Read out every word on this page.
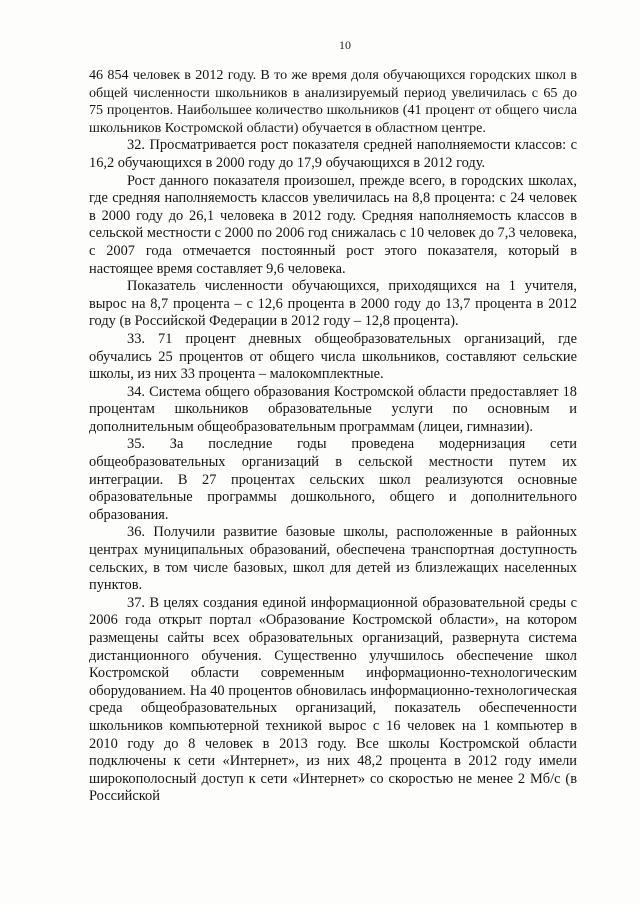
10

46 854 человек в 2012 году. В то же время доля обучающихся городских школ в общей численности школьников в анализируемый период увеличилась с 65 до 75 процентов. Наибольшее количество школьников (41 процент от общего числа школьников Костромской области) обучается в областном центре.

32. Просматривается рост показателя средней наполняемости классов: с 16,2 обучающихся в 2000 году до 17,9 обучающихся в 2012 году.

Рост данного показателя произошел, прежде всего, в городских школах, где средняя наполняемость классов увеличилась на 8,8 процента: с 24 человек в 2000 году до 26,1 человека в 2012 году. Средняя наполняемость классов в сельской местности с 2000 по 2006 год снижалась с 10 человек до 7,3 человека, с 2007 года отмечается постоянный рост этого показателя, который в настоящее время составляет 9,6 человека.

Показатель численности обучающихся, приходящихся на 1 учителя, вырос на 8,7 процента – с 12,6 процента в 2000 году до 13,7 процента в 2012 году (в Российской Федерации в 2012 году – 12,8 процента).

33. 71 процент дневных общеобразовательных организаций, где обучались 25 процентов от общего числа школьников, составляют сельские школы, из них 33 процента – малокомплектные.

34. Система общего образования Костромской области предоставляет 18 процентам школьников образовательные услуги по основным и дополнительным общеобразовательным программам (лицеи, гимназии).

35. За последние годы проведена модернизация сети общеобразовательных организаций в сельской местности путем их интеграции. В 27 процентах сельских школ реализуются основные образовательные программы дошкольного, общего и дополнительного образования.

36. Получили развитие базовые школы, расположенные в районных центрах муниципальных образований, обеспечена транспортная доступность сельских, в том числе базовых, школ для детей из близлежащих населенных пунктов.

37. В целях создания единой информационной образовательной среды с 2006 года открыт портал «Образование Костромской области», на котором размещены сайты всех образовательных организаций, развернута система дистанционного обучения. Существенно улучшилось обеспечение школ Костромской области современным информационно-технологическим оборудованием. На 40 процентов обновилась информационно-технологическая среда общеобразовательных организаций, показатель обеспеченности школьников компьютерной техникой вырос с 16 человек на 1 компьютер в 2010 году до 8 человек в 2013 году. Все школы Костромской области подключены к сети «Интернет», из них 48,2 процента в 2012 году имели широкополосный доступ к сети «Интернет» со скоростью не менее 2 Мб/с (в Российской
